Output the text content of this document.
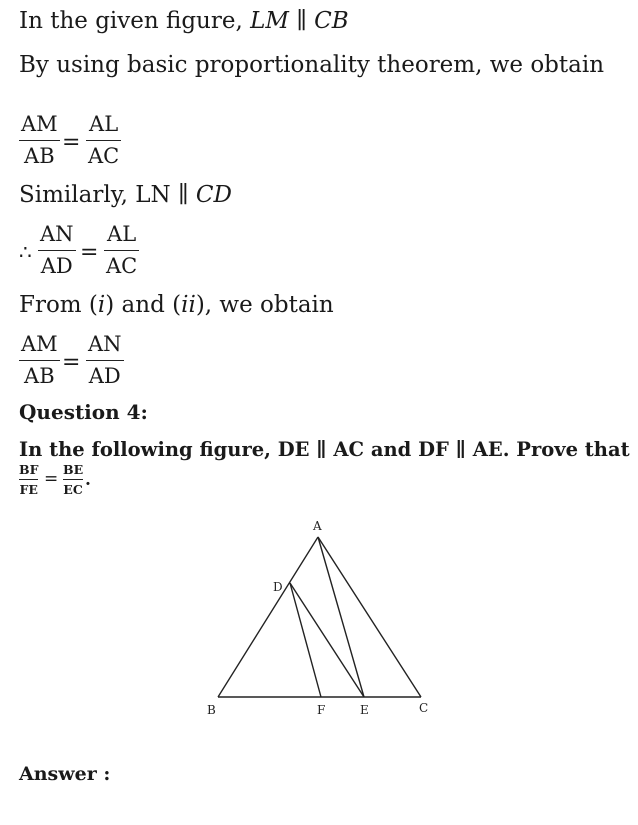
In the given figure, LM ∥ CB
By using basic proportionality theorem, we obtain
AM
AB
=
AL
AC
Similarly, LN ∥ CD
∴
AN
AD
=
AL
AC
From (i) and (ii), we obtain
AM
AB
=
AN
AD
Question 4:
In the following figure, DE ∥ AC and DF ∥ AE. Prove that
BF
FE
= BE
EC .
A
D
B	F	E	C
Answer :
